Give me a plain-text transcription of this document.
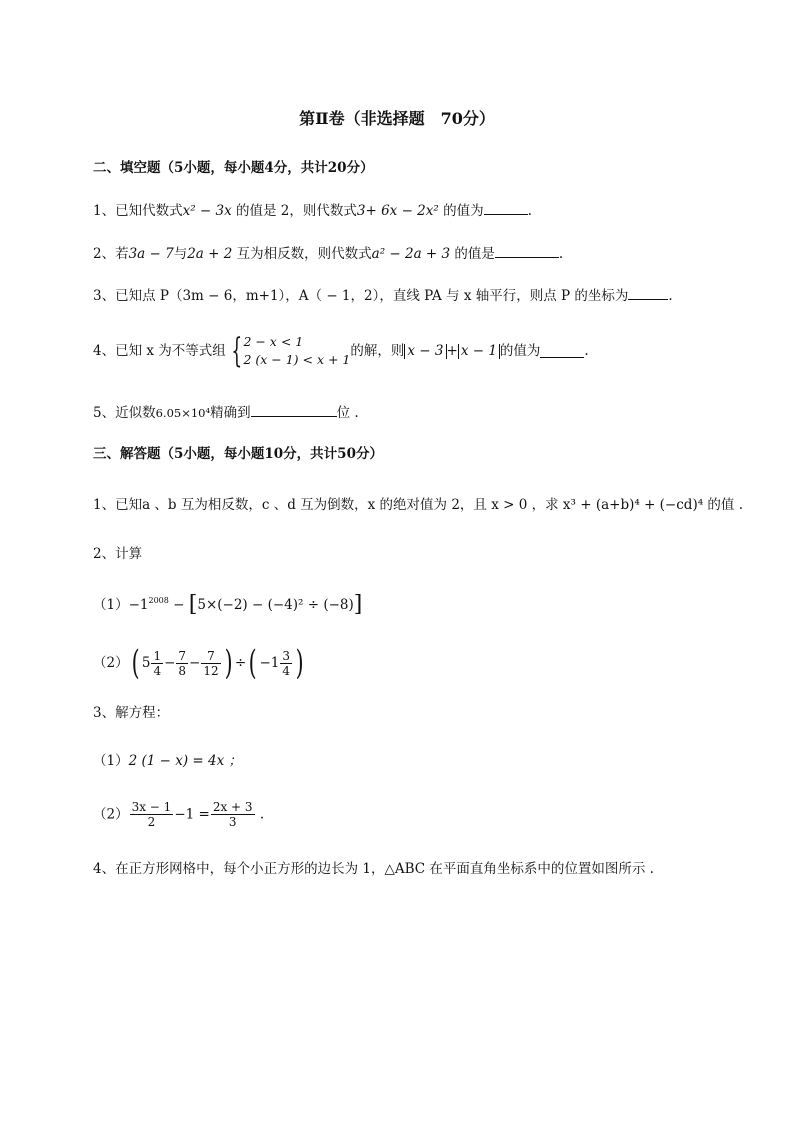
第Ⅱ卷（非选择题　70分）
二、填空题（5小题，每小题4分，共计20分）
1、已知代数式x² − 3x 的值是 2，则代数式3+ 6x − 2x² 的值为	.
2、若3a − 7与2a + 2 互为相反数，则代数式a² − 2a + 3 的值是	.
3、已知点 P（3m − 6，m+1），A（ − 1，2），直线 PA 与 x 轴平行，则点 P 的坐标为	.
4、已知 x 为不等式组 { 2 − x < 1
2 (x − 1) < x + 1
的解，则 x − 3 + x − 1 的值为	.
5、近似数6.05×10⁴精确到	位 .
三、解答题（5小题，每小题10分，共计50分）
1、已知a 、b 互为相反数，c 、d 互为倒数，x 的绝对值为 2，且 x > 0 ，求 x³ + (a+b)⁴ + (−cd)⁴ 的值 .
2、计算
$(1)-1^{2008} - [5\times(-2) - (-4)^2 \div (-8)]$
（2）( $5 \frac{1}{4} - \frac{7}{8} - \frac{7}{12}$ ) ÷( $-1 \frac{3}{4}$ )
3、解方程：
（1）2 (1 − x) = 4x ；
$(2) \frac{3x - 1}{2} -1 = \frac{2x + 3}{3}$ .
4、在正方形网格中，每个小正方形的边长为 1，△ABC 在平面直角坐标系中的位置如图所示 .
